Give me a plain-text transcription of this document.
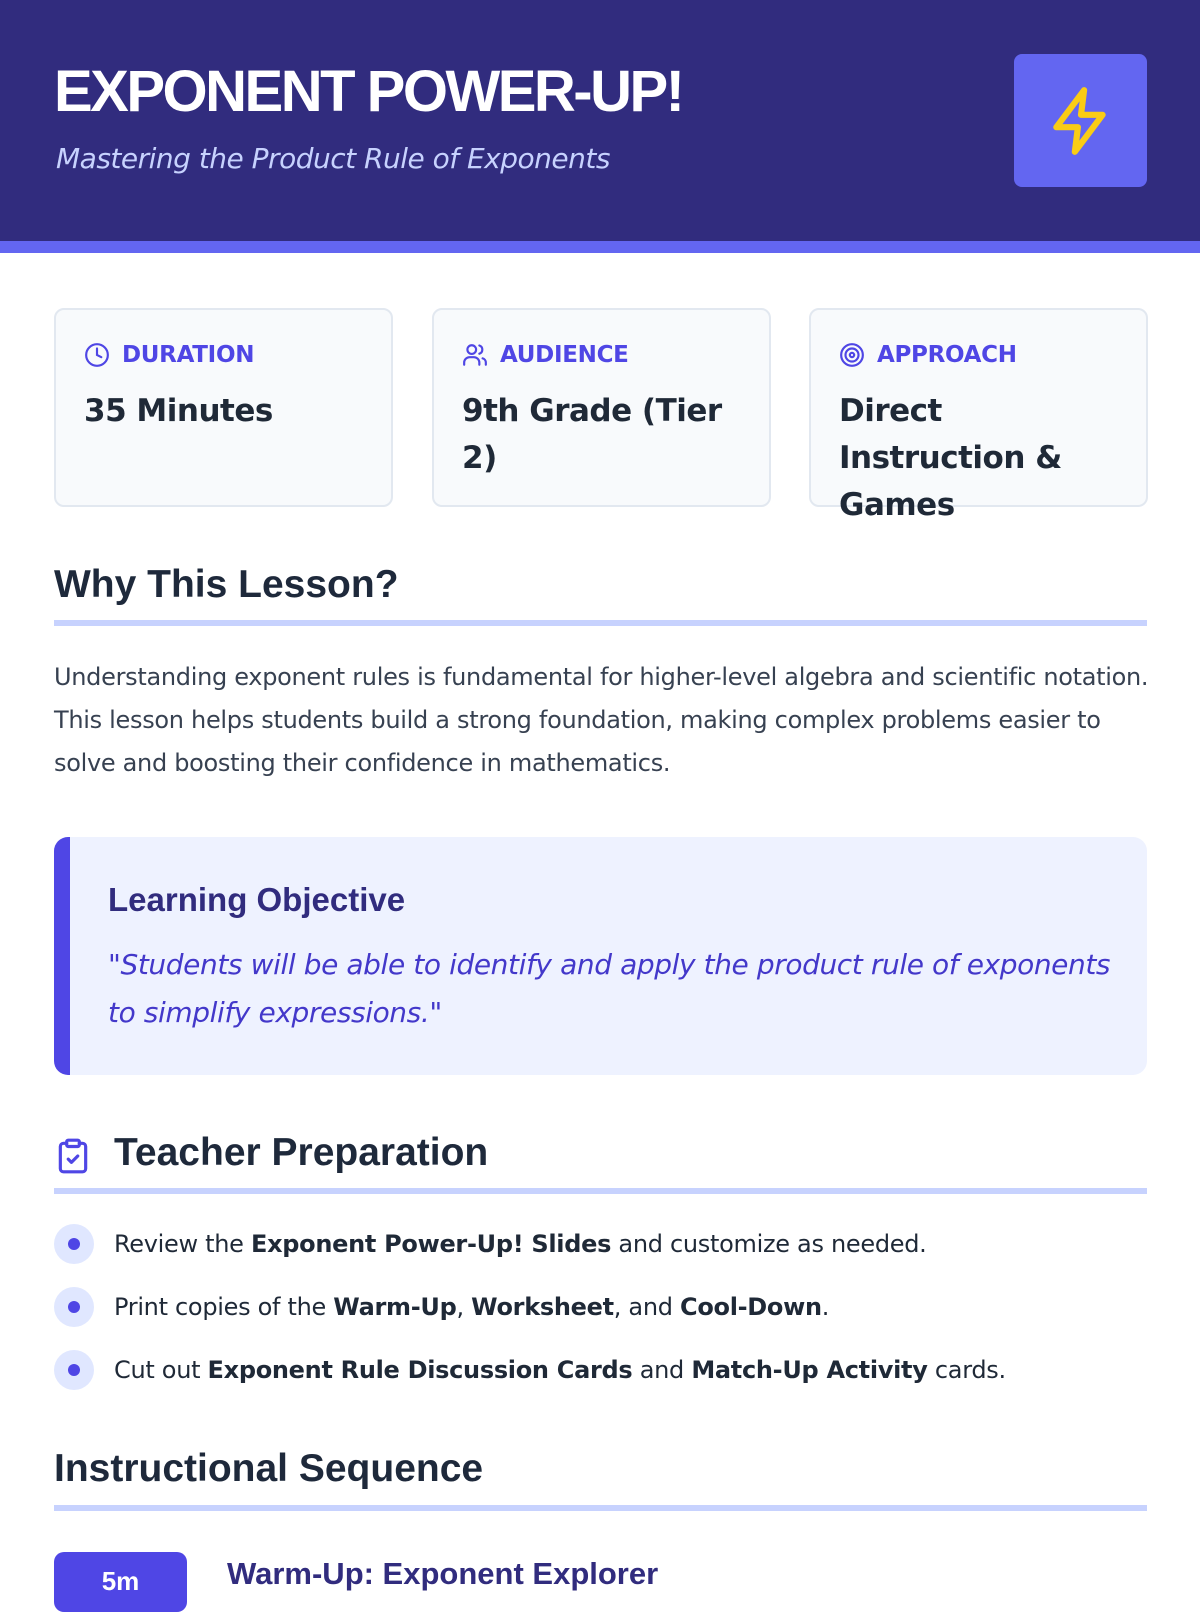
EXPONENT POWER-UP!
Mastering the Product Rule of Exponents
DURATION
35 Minutes
AUDIENCE
9th Grade (Tier 2)
APPROACH
Direct Instruction & Games
Why This Lesson?
Understanding exponent rules is fundamental for higher-level algebra and scientific notation. This lesson helps students build a strong foundation, making complex problems easier to solve and boosting their confidence in mathematics.
Learning Objective
"Students will be able to identify and apply the product rule of exponents to simplify expressions."
Teacher Preparation
Review the Exponent Power-Up! Slides and customize as needed.
Print copies of the Warm-Up, Worksheet, and Cool-Down.
Cut out Exponent Rule Discussion Cards and Match-Up Activity cards.
Instructional Sequence
5m	Warm-Up: Exponent Explorer
